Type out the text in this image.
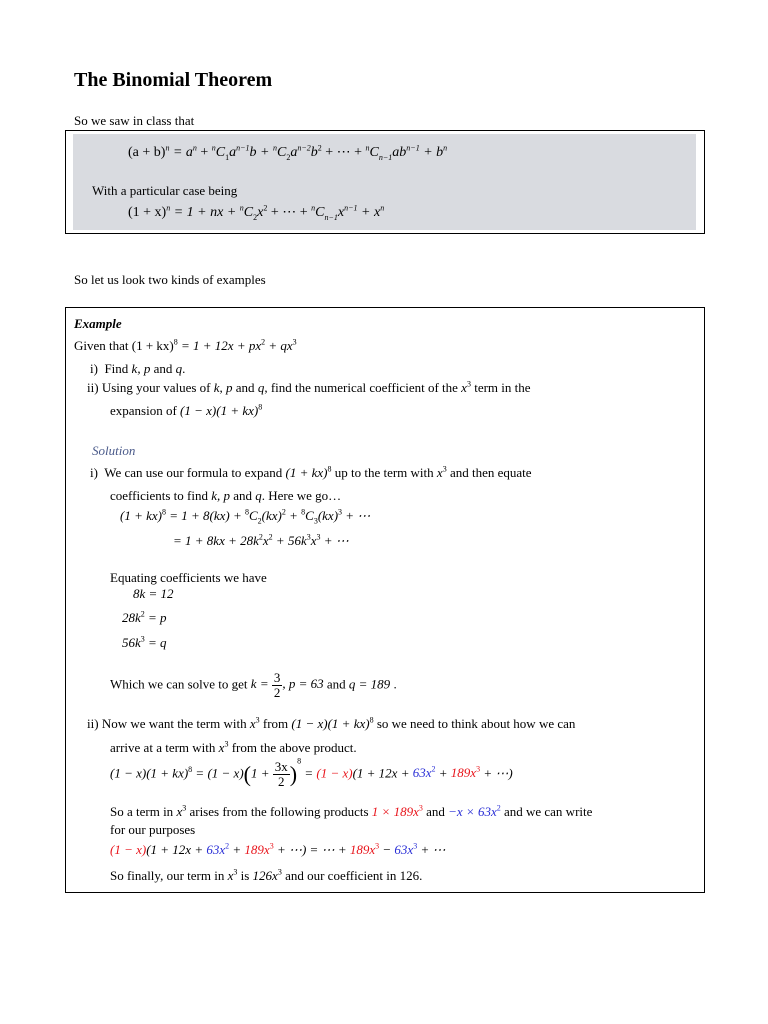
The Binomial Theorem
So we saw in class that
$(a + b)^n = a^n + ^nC_1a^{n-1}b + ^nC_2a^{n-2}b^2$ + ⋯ + $^nC_{n-1}ab^{n-1} + b^n$
With a particular case being
$(1 + x)^n = 1$ + nx + $^nC_2x^2$ + ⋯ + $^nC_{n-1}x^{n-1} + x^n$
So let us look two kinds of examples
Example
Given that $(1 + kx)^8 = 1 + 12x + px^2 + qx^3$
i) Find k, p and q.
ii) Using your values of k, p and q, find the numerical coefficient of the $x^3$ term in the
expansion of (1 − x)(1 + kx)$^8$
Solution
i) We can use our formula to expand (1 + kx)$^8$ up to the term with $x^3$ and then equate
coefficients to find k, p and q. Here we go…
$(1 + kx)^8 = 1 + 8(kx) + ^8C_2(kx)^2 + ^8C_3(kx)^3$ + ⋯
= $1 + 8kx + 28k^2x^2 + 56k^3x^3$ + ⋯
Equating coefficients we have
8k = 12
$28k^2 = p$
$56k^3 = q$
Which we can solve to get $k = \frac{3}{2}$ , p = 63 and q = 189 .
ii) Now we want the term with $x^3$ from (1 − x)(1 + kx)$^8$ so we need to think about how we can
arrive at a term with $x^3$ from the above product.
$(1 - x)(1 + kx)^8 = (1 - x)(1 + \frac{3x}{2} )^8 = (1 - x)(1 + 12x + 63x^2 + 189x^3$ + ⋯)
So a term in $x^3$ arises from the following products $1 \times 189x^3$ and $-x \times 63x^2$ and we can write
for our purposes
$(1 - x)(1 + 12x + 63x^2 + 189x^3$ + ⋯) = ⋯ + $189x^3 - 63x^3$ + ⋯
So finally, our term in $x^3$ is $126x^3$ and our coefficient in 126.
